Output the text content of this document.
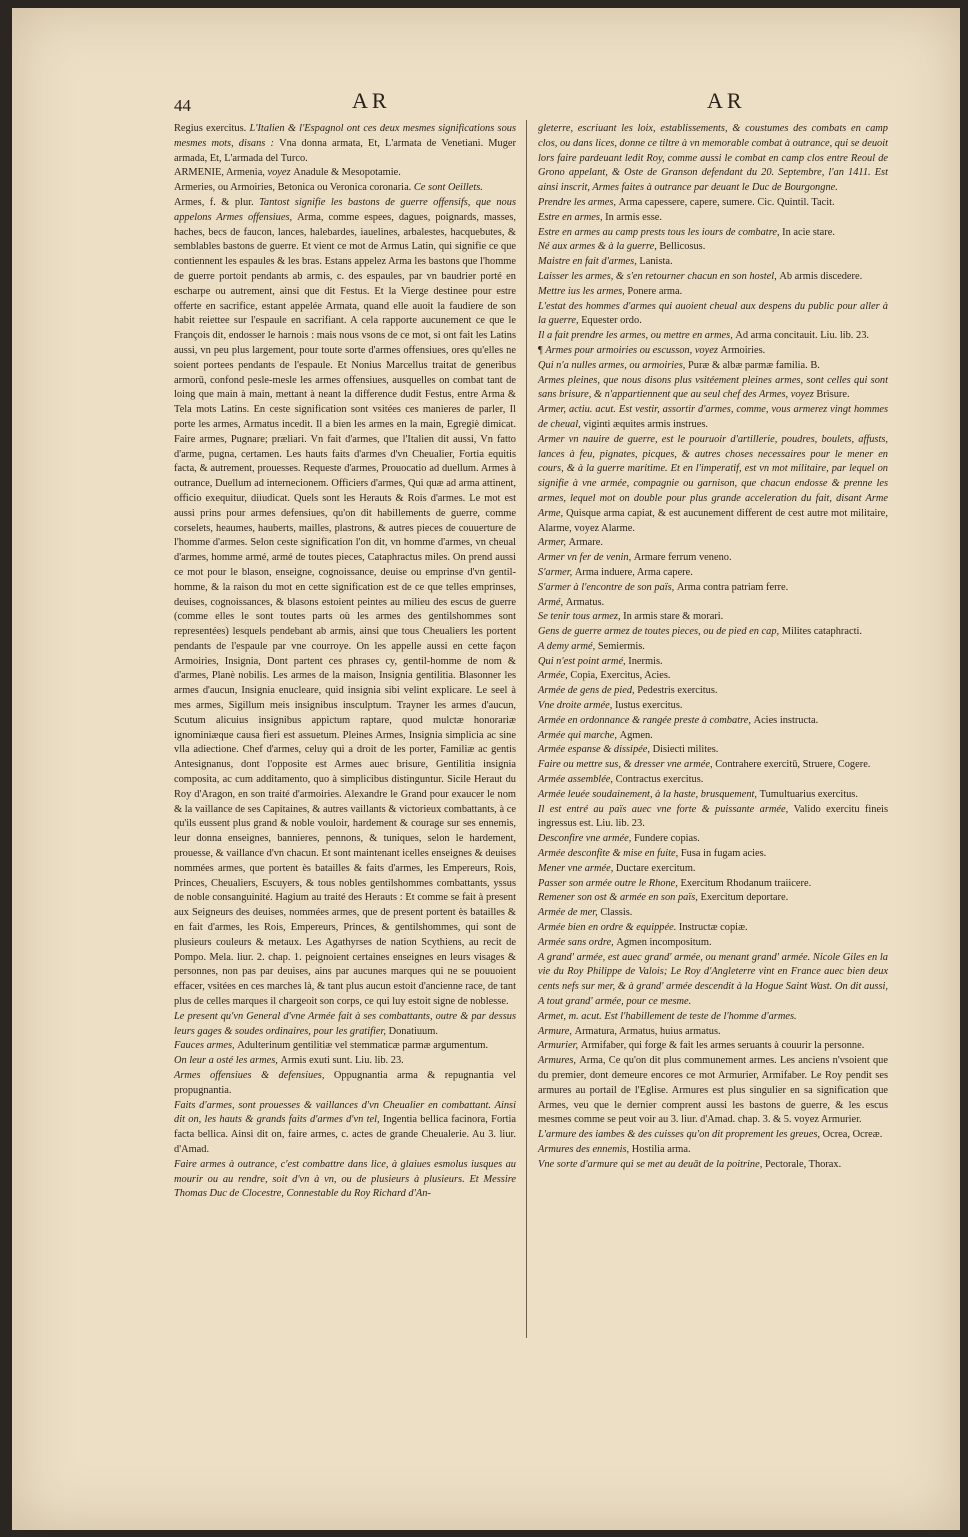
44	AR	AR

Regius exercitus. L'Italien & l'Espagnol ont ces deux mesmes significations sous mesmes mots, disans : Vna donna armata, Et, L'armata de Venetiani. Muger armada, Et, L'armada del Turco.

ARMENIE, Armenia, voyez Anadule & Mesopotamie.

Armeries, ou Armoiries, Betonica ou Veronica coronaria. Ce sont Oeillets.

Armes, f. & plur. Tantost signifie les bastons de guerre offensifs, que nous appelons Armes offensiues, Arma, comme espees, dagues, poignards, masses, haches, becs de faucon, lances, halebardes, iauelines, arbalestes, hacquebutes, & semblables bastons de guerre. Et vient ce mot de Armus Latin, qui signifie ce que contiennent les espaules & les bras. Estans appelez Arma les bastons que l'homme de guerre portoit pendants ab armis, c. des espaules, par vn baudrier porté en escharpe ou autrement, ainsi que dit Festus. Et la Vierge destinee pour estre offerte en sacrifice, estant appelée Armata, quand elle auoit la faudiere de son habit reiettee sur l'espaule en sacrifiant. A cela rapporte aucunement ce que le François dit, endosser le harnois : mais nous vsons de ce mot, si ont fait les Latins aussi, vn peu plus largement, pour toute sorte d'armes offensiues, ores qu'elles ne soient portees pendants de l'espaule. Et Nonius Marcellus traitat de generibus armorū, confond pesle-mesle les armes offensiues, ausquelles on combat tant de loing que main à main, mettant à neant la difference dudit Festus, entre Arma & Tela mots Latins. En ceste signification sont vsitées ces manieres de parler, Il porte les armes, Armatus incedit. Il a bien les armes en la main, Egregiè dimicat. Faire armes, Pugnare; præliari. Vn fait d'armes, que l'Italien dit aussi, Vn fatto d'arme, pugna, certamen. Les hauts faits d'armes d'vn Cheualier, Fortia equitis facta, & autrement, prouesses. Requeste d'armes, Prouocatio ad duellum. Armes à outrance, Duellum ad internecionem. Officiers d'armes, Qui quæ ad arma attinent, officio exequitur, diiudicat. Quels sont les Herauts & Rois d'armes. Le mot est aussi prins pour armes defensiues, qu'on dit habillements de guerre, comme corselets, heaumes, hauberts, mailles, plastrons, & autres pieces de couuerture de l'homme d'armes. Selon ceste signification l'on dit, vn homme d'armes, vn cheual d'armes, homme armé, armé de toutes pieces, Cataphractus miles. On prend aussi ce mot pour le blason, enseigne, cognoissance, deuise ou emprinse d'vn gentil-homme, & la raison du mot en cette signification est de ce que telles emprinses, deuises, cognoissances, & blasons estoient peintes au milieu des escus de guerre (comme elles le sont toutes parts où les armes des gentilshommes sont representées) lesquels pendebant ab armis, ainsi que tous Cheualiers les portent pendants de l'espaule par vne courroye. On les appelle aussi en cette façon Armoiries, Insignia, Dont partent ces phrases cy, gentil-homme de nom & d'armes, Planè nobilis. Les armes de la maison, Insignia gentilitia. Blasonner les armes d'aucun, Insignia enucleare, quid insignia sibi velint explicare. Le seel à mes armes, Sigillum meis insignibus insculptum. Trayner les armes d'aucun, Scutum alicuius insignibus appictum raptare, quod mulctæ honorariæ ignominiæque causa fieri est assuetum. Pleines Armes, Insignia simplicia ac sine vlla adiectione. Chef d'armes, celuy qui a droit de les porter, Familiæ ac gentis Antesignanus, dont l'opposite est Armes auec brisure, Gentilitia insignia composita, ac cum additamento, quo à simplicibus distinguntur. Sicile Heraut du Roy d'Aragon, en son traité d'armoiries. Alexandre le Grand pour exaucer le nom & la vaillance de ses Capitaines, & autres vaillants & victorieux combattants, à ce qu'ils eussent plus grand & noble vouloir, hardement & courage sur ses ennemis, leur donna enseignes, bannieres, pennons, & tuniques, selon le hardement, prouesse, & vaillance d'vn chacun. Et sont maintenant icelles enseignes & deuises nommées armes, que portent ès batailles & faits d'armes, les Empereurs, Rois, Princes, Cheualiers, Escuyers, & tous nobles gentilshommes combattants, yssus de noble consanguinité. Hagium au traité des Herauts : Et comme se fait à present aux Seigneurs des deuises, nommées armes, que de present portent ès batailles & en fait d'armes, les Rois, Empereurs, Princes, & gentilshommes, qui sont de plusieurs couleurs & metaux. Les Agathyrses de nation Scythiens, au recit de Pompo. Mela. liur. 2. chap. 1. peignoient certaines enseignes en leurs visages & personnes, non pas par deuises, ains par aucunes marques qui ne se pouuoient effacer, vsitées en ces marches là, & tant plus aucun estoit d'ancienne race, de tant plus de celles marques il chargeoit son corps, ce qui luy estoit signe de noblesse.

Le present qu'vn General d'vne Armée fait à ses combattants, outre & par dessus leurs gages & soudes ordinaires, pour les gratifier, Donatiuum.

Fauces armes, Adulterinum gentilitiæ vel stemmaticæ parmæ argumentum.

On leur a osté les armes, Armis exuti sunt. Liu. lib. 23.

Armes offensiues & defensiues, Oppugnantia arma & repugnantia vel propugnantia.

Faits d'armes, sont prouesses & vaillances d'vn Cheualier en combattant. Ainsi dit on, les hauts & grands faits d'armes d'vn tel, Ingentia bellica facinora, Fortia facta bellica. Ainsi dit on, faire armes, c. actes de grande Cheualerie. Au 3. liur. d'Amad.

Faire armes à outrance, c'est combattre dans lice, à glaiues esmolus iusques au mourir ou au rendre, soit d'vn à vn, ou de plusieurs à plusieurs. Et Messire Thomas Duc de Clocestre, Connestable du Roy Richard d'An-

gleterre, escriuant les loix, establissements, & coustumes des combats en camp clos, ou dans lices, donne ce tiltre à vn memorable combat à outrance, qui se deuoit lors faire pardeuant ledit Roy, comme aussi le combat en camp clos entre Reoul de Grono appelant, & Oste de Granson defendant du 20. Septembre, l'an 1411. Est ainsi inscrit, Armes faites à outrance par deuant le Duc de Bourgongne.

Prendre les armes, Arma capessere, capere, sumere. Cic. Quintil. Tacit.

Estre en armes, In armis esse.

Estre en armes au camp prests tous les iours de combatre, In acie stare.

Né aux armes & à la guerre, Bellicosus.

Maistre en fait d'armes, Lanista.

Laisser les armes, & s'en retourner chacun en son hostel, Ab armis discedere.

Mettre ius les armes, Ponere arma.

L'estat des hommes d'armes qui auoient cheual aux despens du public pour aller à la guerre, Equester ordo.

Il a fait prendre les armes, ou mettre en armes, Ad arma concitauit. Liu. lib. 23.

¶ Armes pour armoiries ou escusson, voyez Armoiries.

Qui n'a nulles armes, ou armoiries, Puræ & albæ parmæ familia. B.

Armes pleines, que nous disons plus vsitéement pleines armes, sont celles qui sont sans brisure, & n'appartiennent que au seul chef des Armes, voyez Brisure.

Armer, actiu. acut. Est vestir, assortir d'armes, comme, vous armerez vingt hommes de cheual, viginti æquites armis instrues.

Armer vn nauire de guerre, est le pouruoir d'artillerie, poudres, boulets, affusts, lances à feu, pignates, picques, & autres choses necessaires pour le mener en cours, & à la guerre maritime. Et en l'imperatif, est vn mot militaire, par lequel on signifie à vne armée, compagnie ou garnison, que chacun endosse & prenne les armes, lequel mot on double pour plus grande acceleration du fait, disant Arme Arme, Quisque arma capiat, & est aucunement different de cest autre mot militaire, Alarme, voyez Alarme.

Armer, Armare.

Armer vn fer de venin, Armare ferrum veneno.

S'armer, Arma induere, Arma capere.

S'armer à l'encontre de son païs, Arma contra patriam ferre.

Armé, Armatus.

Se tenir tous armez, In armis stare & morari.

Gens de guerre armez de toutes pieces, ou de pied en cap, Milites cataphracti.

A demy armé, Semiermis.

Qui n'est point armé, Inermis.

Armée, Copia, Exercitus, Acies.

Armée de gens de pied, Pedestris exercitus.

Vne droite armée, Iustus exercitus.

Armée en ordonnance & rangée preste à combatre, Acies instructa.

Armée qui marche, Agmen.

Armée espanse & dissipée, Disiecti milites.

Faire ou mettre sus, & dresser vne armée, Contrahere exercitū, Struere, Cogere.

Armée assemblée, Contractus exercitus.

Armée leuée soudainement, à la haste, brusquement, Tumultuarius exercitus.

Il est entré au païs auec vne forte & puissante armée, Valido exercitu fineis ingressus est. Liu. lib. 23.

Desconfire vne armée, Fundere copias.

Armée desconfite & mise en fuite, Fusa in fugam acies.

Mener vne armée, Ductare exercitum.

Passer son armée outre le Rhone, Exercitum Rhodanum traiicere.

Remener son ost & armée en son païs, Exercitum deportare.

Armée de mer, Classis.

Armée bien en ordre & equippée. Instructæ copiæ.

Armée sans ordre, Agmen incompositum.

A grand' armée, est auec grand' armée, ou menant grand' armée. Nicole Giles en la vie du Roy Philippe de Valois; Le Roy d'Angleterre vint en France auec bien deux cents nefs sur mer, & à grand' armée descendit à la Hogue Saint Wast. On dit aussi, A tout grand' armée, pour ce mesme.

Armet, m. acut. Est l'habillement de teste de l'homme d'armes.

Armure, Armatura, Armatus, huius armatus.

Armurier, Armifaber, qui forge & fait les armes seruants à couurir la personne.

Armures, Arma, Ce qu'on dit plus communement armes. Les anciens n'vsoient que du premier, dont demeure encores ce mot Armurier, Armifaber. Le Roy pendit ses armures au portail de l'Eglise. Armures est plus singulier en sa signification que Armes, veu que le dernier comprent aussi les bastons de guerre, & les escus mesmes comme se peut voir au 3. liur. d'Amad. chap. 3. & 5. voyez Armurier.

L'armure des iambes & des cuisses qu'on dit proprement les greues, Ocrea, Ocreæ.

Armures des ennemis, Hostilia arma.

Vne sorte d'armure qui se met au deuāt de la poitrine, Pectorale, Thorax.
